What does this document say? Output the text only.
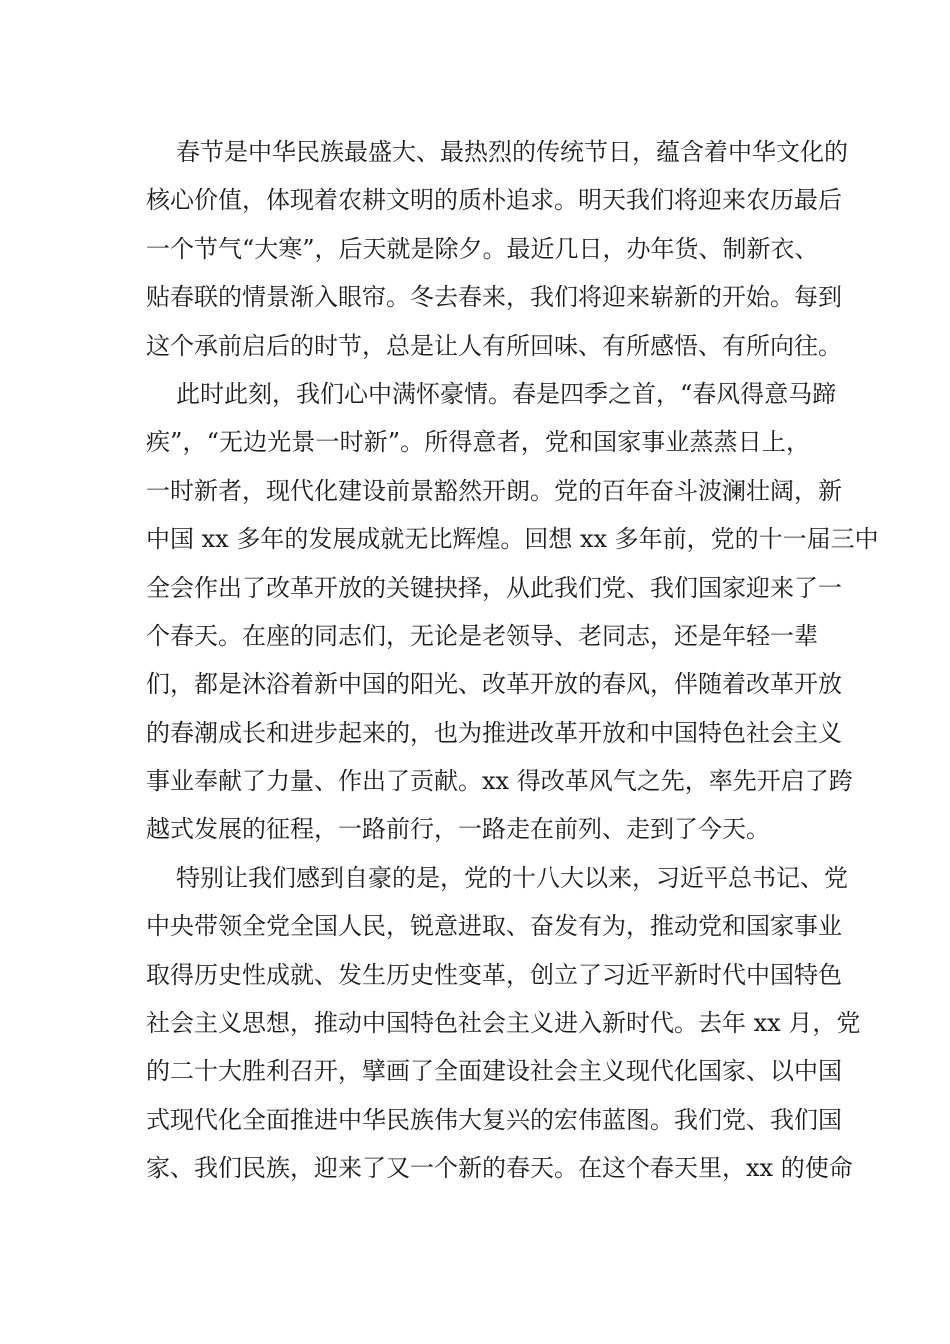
春节是中华民族最盛大、最热烈的传统节日，蕴含着中华文化的
核心价值，体现着农耕文明的质朴追求。明天我们将迎来农历最后
一个节气“大寒”，后天就是除夕。最近几日，办年货、制新衣、
贴春联的情景渐入眼帘。冬去春来，我们将迎来崭新的开始。每到
这个承前启后的时节，总是让人有所回味、有所感悟、有所向往。
此时此刻，我们心中满怀豪情。春是四季之首，“春风得意马蹄
疾”，“无边光景一时新”。所得意者，党和国家事业蒸蒸日上，
一时新者，现代化建设前景豁然开朗。党的百年奋斗波澜壮阔，新
中国 xx 多年的发展成就无比辉煌。回想 xx 多年前，党的十一届三中
全会作出了改革开放的关键抉择，从此我们党、我们国家迎来了一
个春天。在座的同志们，无论是老领导、老同志，还是年轻一辈
们，都是沐浴着新中国的阳光、改革开放的春风，伴随着改革开放
的春潮成长和进步起来的，也为推进改革开放和中国特色社会主义
事业奉献了力量、作出了贡献。xx 得改革风气之先，率先开启了跨
越式发展的征程，一路前行，一路走在前列、走到了今天。
特别让我们感到自豪的是，党的十八大以来，习近平总书记、党
中央带领全党全国人民，锐意进取、奋发有为，推动党和国家事业
取得历史性成就、发生历史性变革，创立了习近平新时代中国特色
社会主义思想，推动中国特色社会主义进入新时代。去年 xx 月，党
的二十大胜利召开，擘画了全面建设社会主义现代化国家、以中国
式现代化全面推进中华民族伟大复兴的宏伟蓝图。我们党、我们国
家、我们民族，迎来了又一个新的春天。在这个春天里，xx 的使命
